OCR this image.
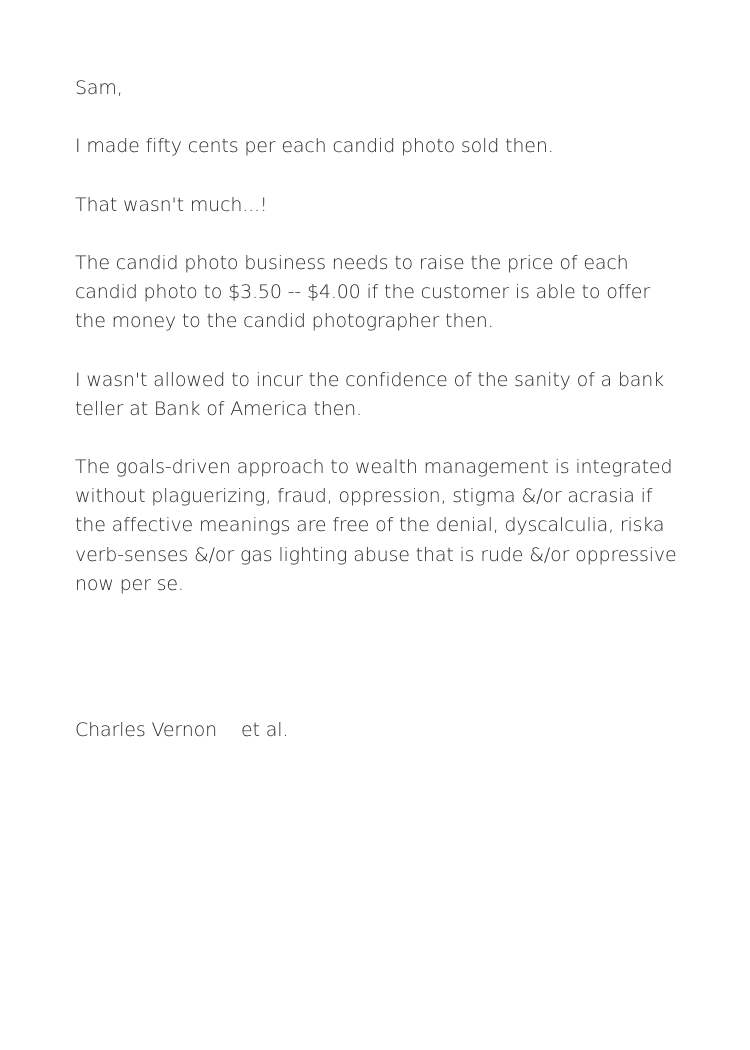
Sam,

I made fifty cents per each candid photo sold then.

That wasn't much...!

The candid photo business needs to raise the price of each
candid photo to $3.50 -- $4.00 if the customer is able to offer
the money to the candid photographer then.

I wasn't allowed to incur the confidence of the sanity of a bank
teller at Bank of America then.

The goals-driven approach to wealth management is integrated
without plaguerizing, fraud, oppression, stigma &/or acrasia if
the affective meanings are free of the denial, dyscalculia, riska
verb-senses &/or gas lighting abuse that is rude &/or oppressive
now per se.

Charles Vernon et al.
